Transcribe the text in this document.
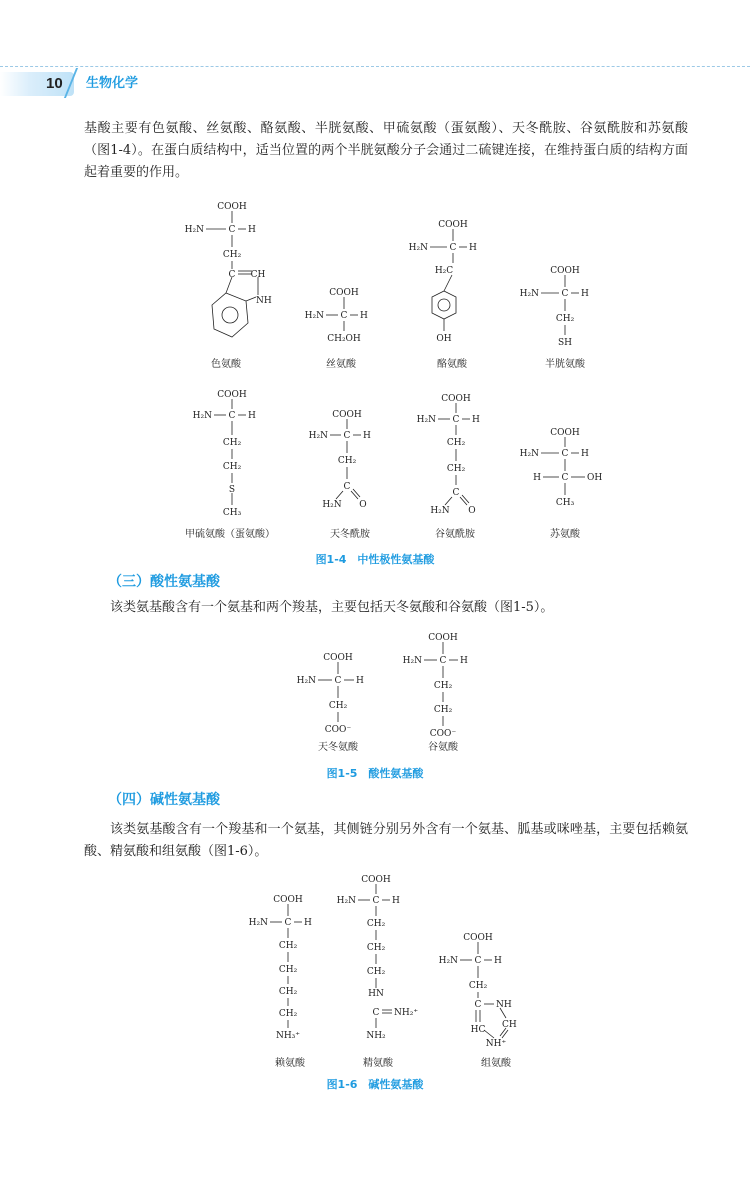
10 生物化学
基酸主要有色氨酸、丝氨酸、酪氨酸、半胱氨酸、甲硫氨酸（蛋氨酸）、天冬酰胺、谷氨酰胺和苏氨酸（图1-4）。在蛋白质结构中，适当位置的两个半胱氨酸分子会通过二硫键连接，在维持蛋白质的结构方面起着重要的作用。
COOH
H₂N	C H
CH₂
C CH
NH
COOH
H₂N C H
CH₂OH
COOH
H₂N C H
H₂C
OH
COOH
H₂N	C H
CH₂
SH
色氨酸	丝氨酸	酪氨酸	半胱氨酸
COOH
H₂N C H
CH₂
CH₂
S
CH₃
COOH
H₂N C H
CH₂
C
H₂N O
COOH
H₂N C H
CH₂
CH₂
C
H₂N O
COOH
H₂N	C H
H C OH
CH₃
甲硫氨酸（蛋氨酸）	天冬酰胺	谷氨酰胺	苏氨酸
图1-4　中性极性氨基酸
（三）酸性氨基酸
该类氨基酸含有一个氨基和两个羧基，主要包括天冬氨酸和谷氨酸（图1-5）。
COOH
H₂N C H
CH₂
COO⁻
COOH
H₂N C H
CH₂
CH₂
COO⁻
天冬氨酸	谷氨酸
图1-5　酸性氨基酸
（四）碱性氨基酸
该类氨基酸含有一个羧基和一个氨基，其侧链分别另外含有一个氨基、胍基或咪唑基，主要包括赖氨酸、精氨酸和组氨酸（图1-6）。
COOH
H₂N C H
CH₂
CH₂
CH₂
CH₂
NH₃⁺
COOH
H₂N C H
CH₂
CH₂
CH₂
HN
C NH₂⁺
NH₂
COOH
H₂N C H
CH₂
C NH
CH
HC
NH⁺
赖氨酸	精氨酸	组氨酸
图1-6　碱性氨基酸
